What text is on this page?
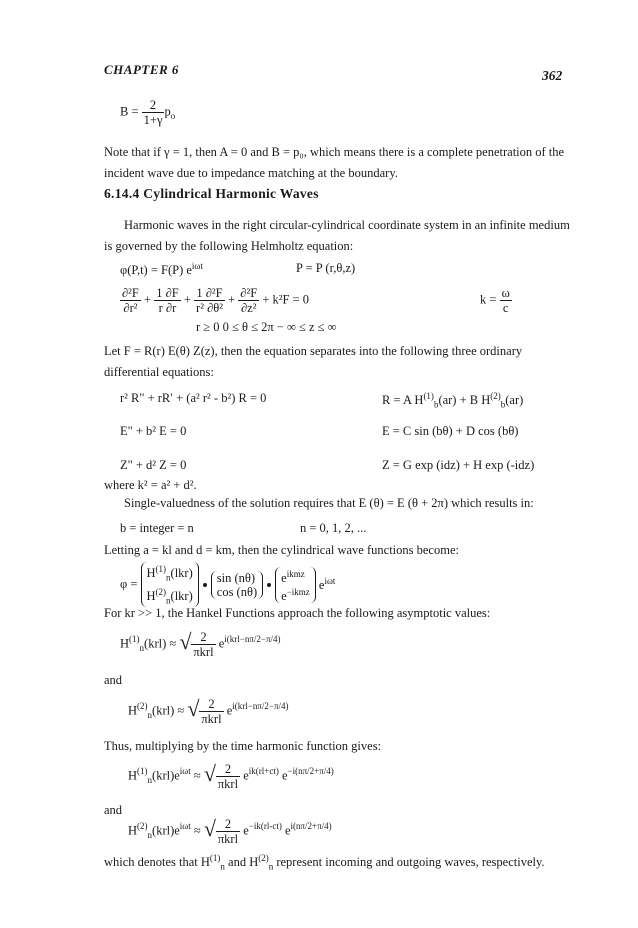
CHAPTER 6	362
$B = \frac{2}{1+\gamma} p_o$
Note that if γ = 1, then A = 0 and B = p₀, which means there is a complete penetration of the incident wave due to impedance matching at the boundary.
6.14.4 Cylindrical Harmonic Waves
Harmonic waves in the right circular-cylindrical coordinate system in an infinite medium is governed by the following Helmholtz equation:
φ(P,t) = F(P) $e^{i\omega t}$	P = P (r,θ,z)
$\frac{\text{∂²F}}{\text{∂r²}} + \frac{1 \partial F}{r \partial r} + \frac{\text{1 ∂²F}}{\text{r² ∂θ²}} + \frac{\text{∂²F}}{\text{∂z²}} + k^2F = 0$	$k = \frac{\omega}{c}$
r ≥ 0 0 ≤ θ ≤ 2π − ∞ ≤ z ≤ ∞
Let F = R(r) E(θ) Z(z), then the equation separates into the following three ordinary differential equations:
r² R" + rR′ + (a² r² - b²) R = 0	R = A $H^{(1)}_b(ar) + B$ $H^{(2)}_b(ar)$
E" + b² E = 0	E = C sin (bθ) + D cos (bθ)
Z" + d² Z = 0	Z = G exp (idz) + H exp (-idz)
where k² = a² + d².
Single-valuedness of the solution requires that E (θ) = E (θ + 2π) which results in:
b = integer = n	n = 0, 1, 2, ...
Letting a = kl and d = km, then the cylindrical wave functions become:
$\varphi = H^{(1)}_n(lkr)$
$H^{(2)}_n(lkr)\sin$ (nθ)
$\cos (n\theta)e^{ikmz}$
$e^{-ikmz}$ $e^{i\omega t}$
For kr >> 1, the Hankel Functions approach the following asymptotic values:
$H^{(1)}_n(krl)$ ≈ √ $\frac{2}{\text{πkrl}} e^{i(krl-n\pi/2-\pi/4)}$
and
$H^{(2)}_n(krl)$ ≈ √ $\frac{2}{\text{πkrl}} e^{i(krl-n\pi/2-\pi/4)}$
Thus, multiplying by the time harmonic function gives:
$H^{(1)}_n(krl)e^{i\omega t}$ ≈ √ $\frac{2}{\text{πkrl}} e^{ik(rl+ct)}$ $e^{-i(n\pi/2+\pi/4)}$
and
$H^{(2)}_n(krl)e^{i\omega t}$ ≈ √ $\frac{2}{\text{πkrl}} e^{-ik(rl-ct)}$ $e^{i(n\pi/2+\pi/4)}$
which denotes that $H^{(1)}_n$ and $H^{(2)}_n$ represent incoming and outgoing waves, respectively.
